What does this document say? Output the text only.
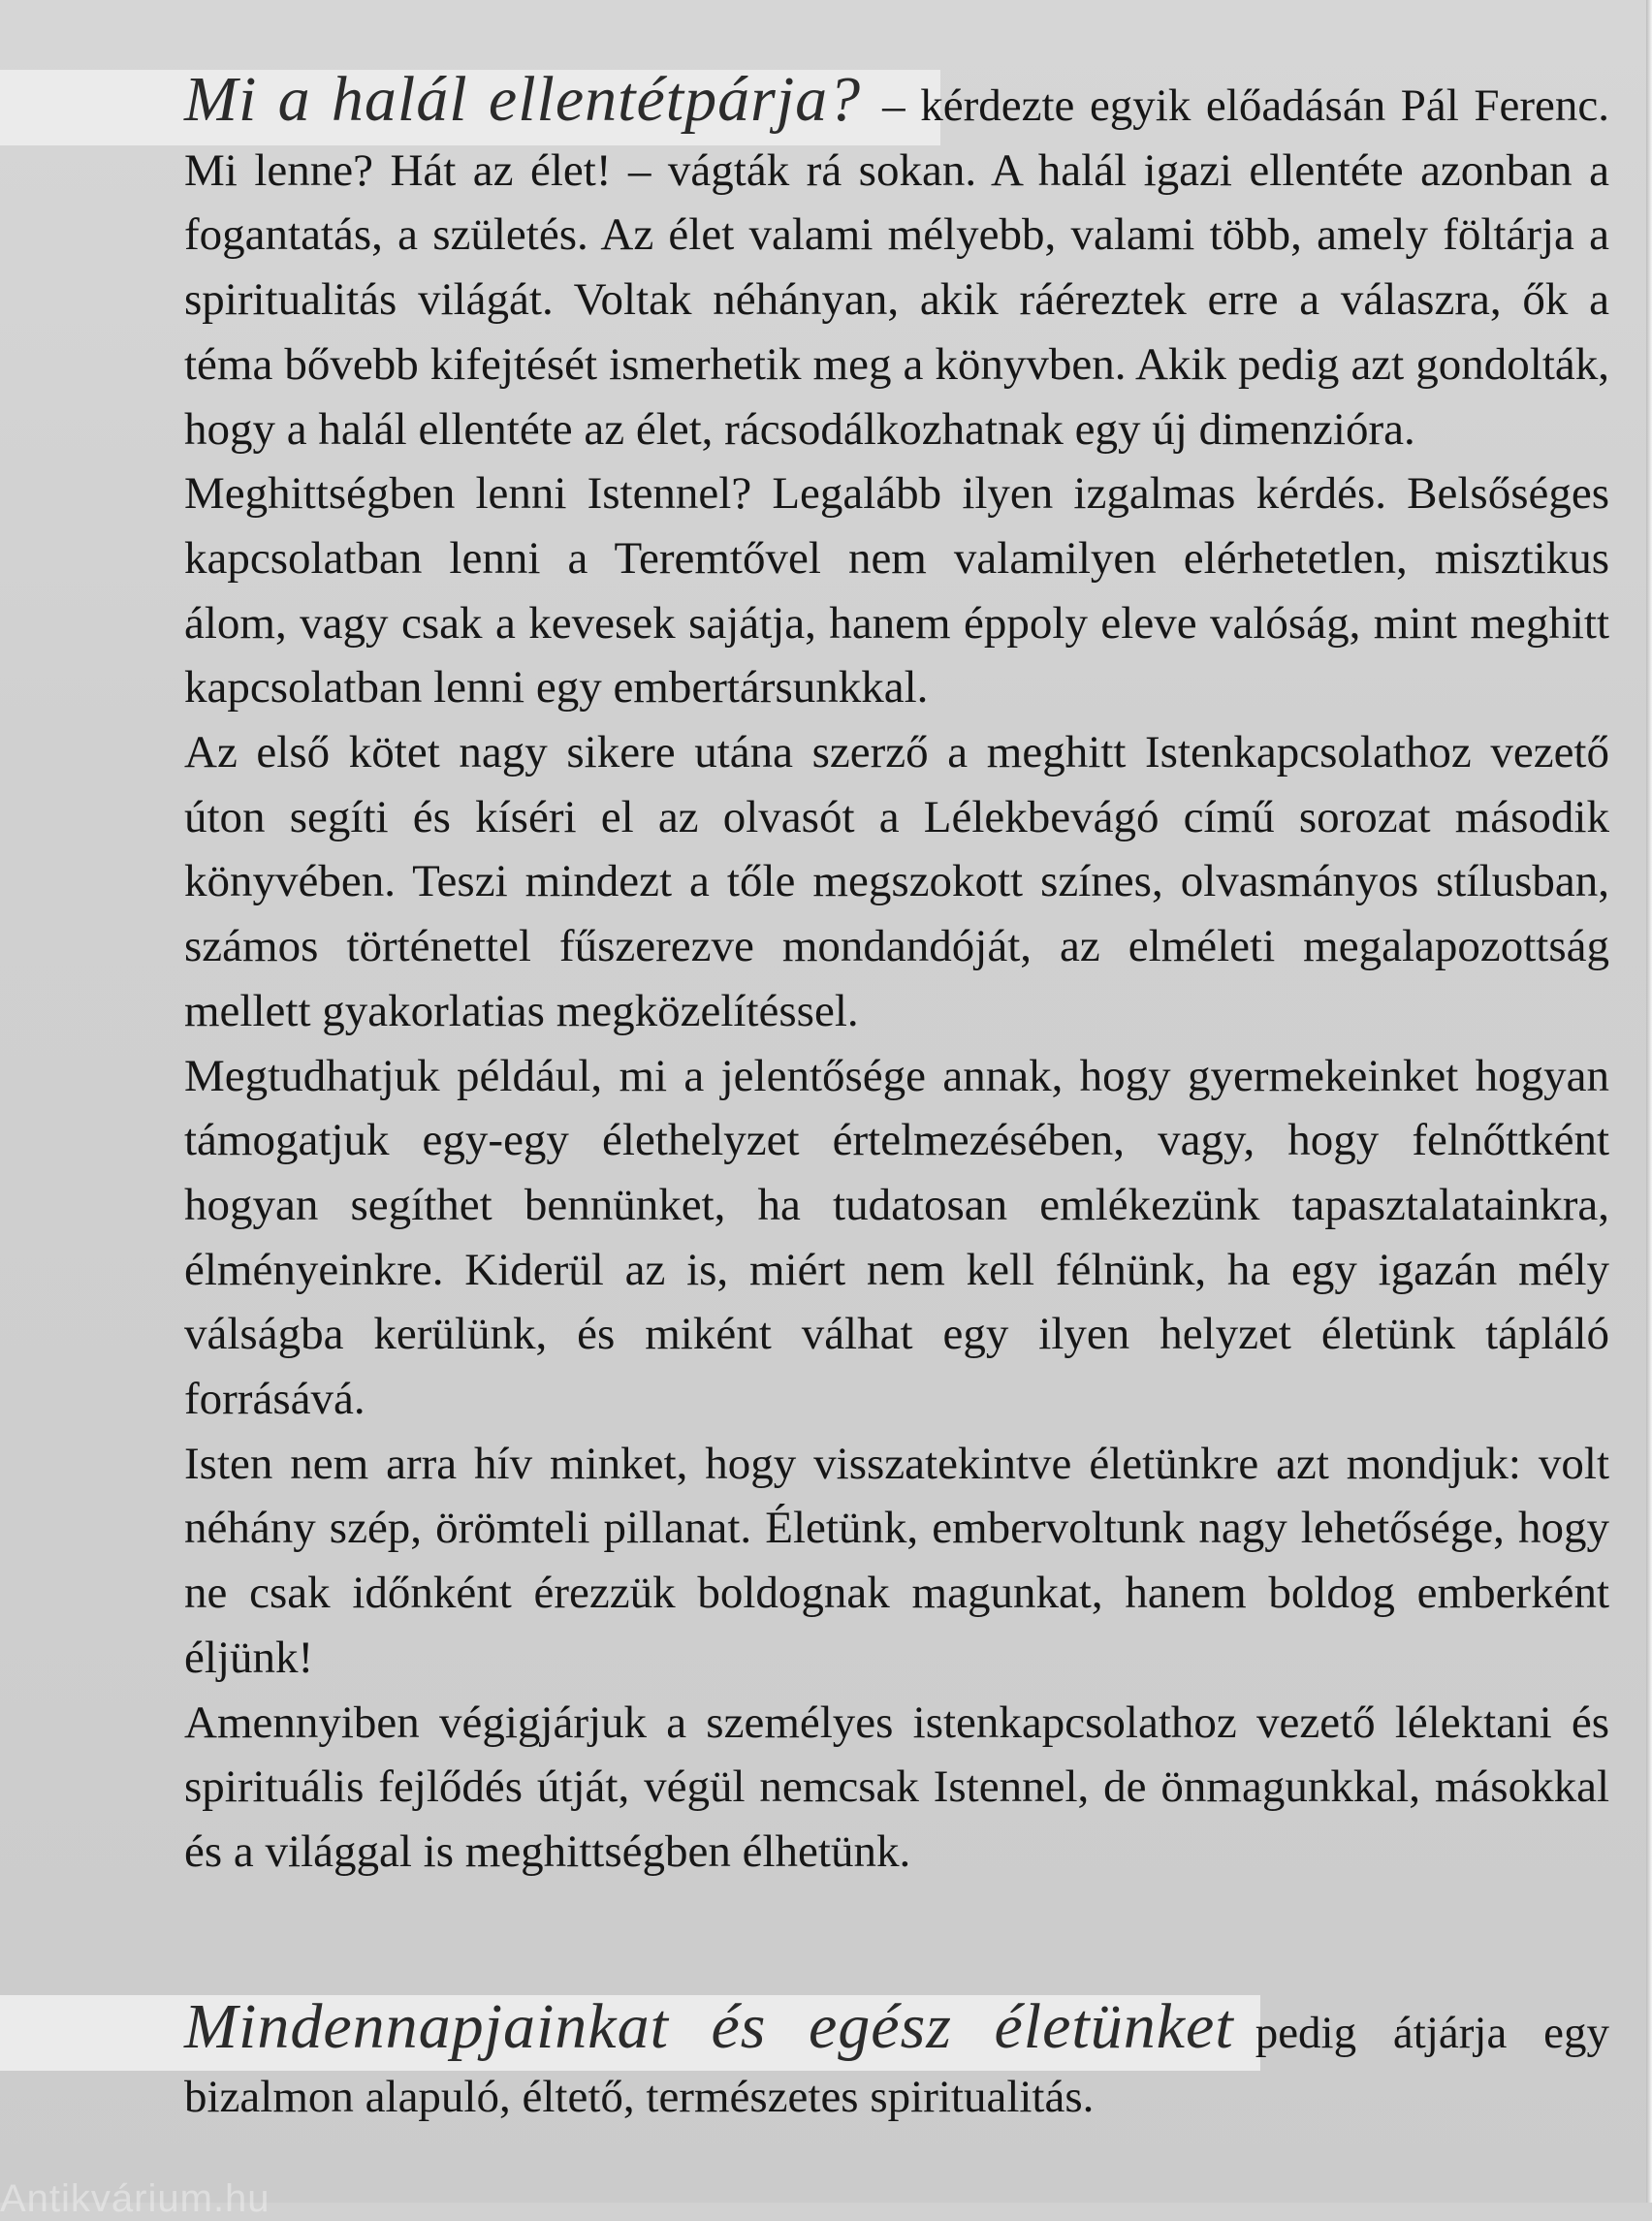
Mi a halál ellentétpárja? – kérdezte egyik előadásán Pál Ferenc. Mi lenne? Hát az élet! – vágták rá sokan. A halál igazi ellentéte azonban a fogantatás, a születés. Az élet valami mélyebb, valami több, amely föltárja a spiritualitás világát. Voltak néhányan, akik ráéreztek erre a válaszra, ők a téma bővebb kifejtését ismerhetik meg a könyvben. Akik pedig azt gondolták, hogy a halál ellentéte az élet, rácsodálkozhatnak egy új dimenzióra.

Meghittségben lenni Istennel? Legalább ilyen izgalmas kérdés. Belsőséges kapcsolatban lenni a Teremtővel nem valamilyen elérhetetlen, misztikus álom, vagy csak a kevesek sajátja, hanem éppoly eleve valóság, mint meghitt kapcsolatban lenni egy embertársunkkal.

Az első kötet nagy sikere utána szerző a meghitt Istenkapcsolathoz vezető úton segíti és kíséri el az olvasót a Lélekbevágó című sorozat második könyvében. Teszi mindezt a tőle megszokott színes, olvasmányos stílusban, számos történettel fűszerezve mondandóját, az elméleti megalapozottság mellett gyakorlatias megközelítéssel.

Megtudhatjuk például, mi a jelentősége annak, hogy gyermekeinket hogyan támogatjuk egy-egy élethelyzet értelmezésében, vagy, hogy felnőttként hogyan segíthet bennünket, ha tudatosan emlékezünk tapasztalatainkra, élményeinkre. Kiderül az is, miért nem kell félnünk, ha egy igazán mély válságba kerülünk, és miként válhat egy ilyen helyzet életünk tápláló forrásává.

Isten nem arra hív minket, hogy visszatekintve életünkre azt mondjuk: volt néhány szép, örömteli pillanat. Életünk, embervoltunk nagy lehetősége, hogy ne csak időnként érezzük boldognak magunkat, hanem boldog emberként éljünk!

Amennyiben végigjárjuk a személyes istenkapcsolathoz vezető lélektani és spirituális fejlődés útját, végül nemcsak Istennel, de önmagunkkal, másokkal és a világgal is meghittségben élhetünk.

Mindennapjainkat és egész életünket pedig átjárja egy bizalmon alapuló, éltető, természetes spiritualitás.

Antikvárium.hu
